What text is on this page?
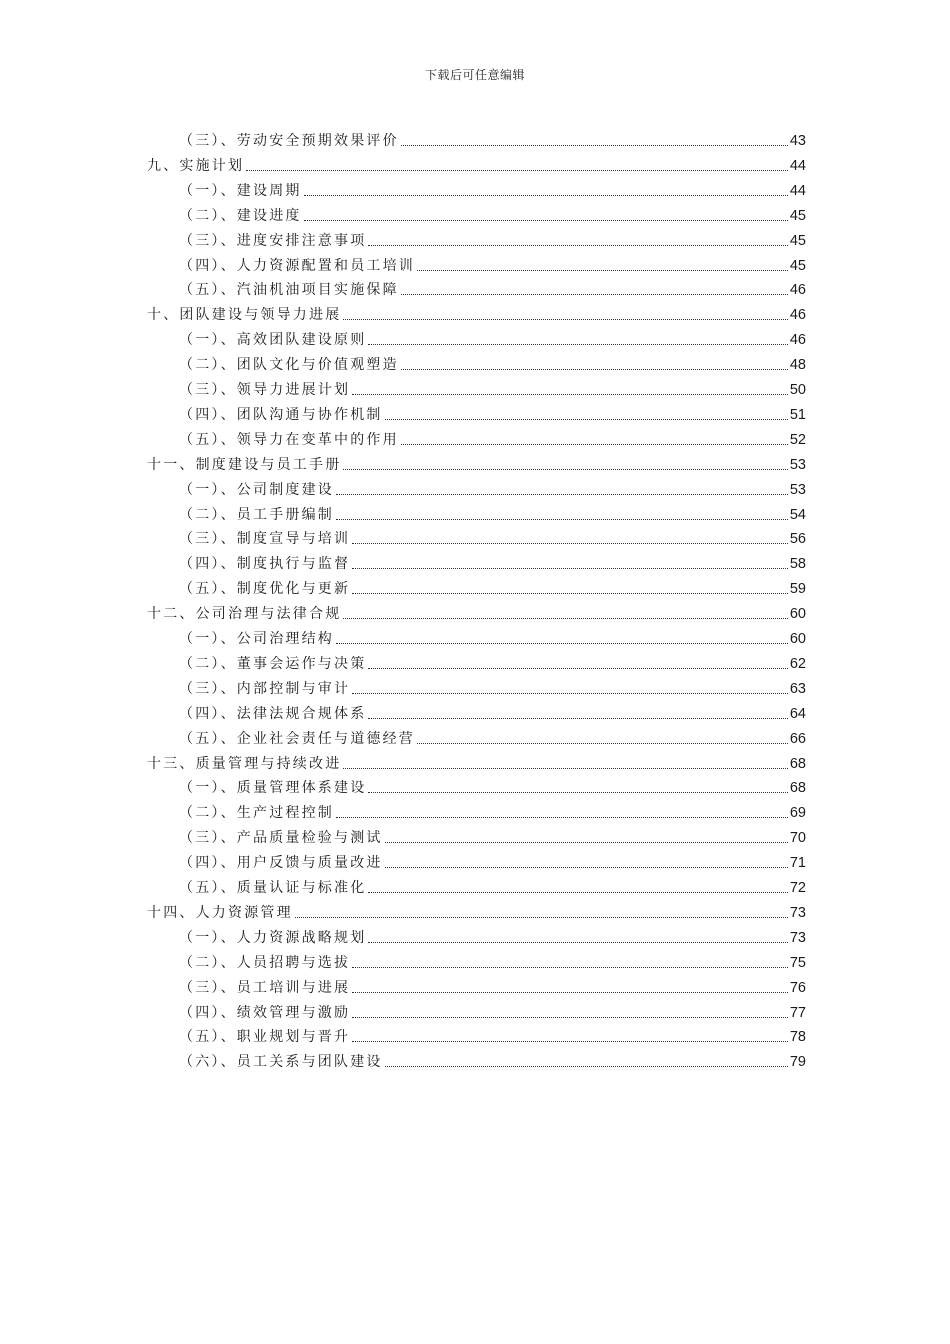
下载后可任意编辑
（三）、劳动安全预期效果评价	43
九、实施计划	44
（一）、建设周期	44
（二）、建设进度	45
（三）、进度安排注意事项	45
（四）、人力资源配置和员工培训	45
（五）、汽油机油项目实施保障	46
十、团队建设与领导力进展	46
（一）、高效团队建设原则	46
（二）、团队文化与价值观塑造	48
（三）、领导力进展计划	50
（四）、团队沟通与协作机制	51
（五）、领导力在变革中的作用	52
十一、制度建设与员工手册	53
（一）、公司制度建设	53
（二）、员工手册编制	54
（三）、制度宣导与培训	56
（四）、制度执行与监督	58
（五）、制度优化与更新	59
十二、公司治理与法律合规	60
（一）、公司治理结构	60
（二）、董事会运作与决策	62
（三）、内部控制与审计	63
（四）、法律法规合规体系	64
（五）、企业社会责任与道德经营	66
十三、质量管理与持续改进	68
（一）、质量管理体系建设	68
（二）、生产过程控制	69
（三）、产品质量检验与测试	70
（四）、用户反馈与质量改进	71
（五）、质量认证与标准化	72
十四、人力资源管理	73
（一）、人力资源战略规划	73
（二）、人员招聘与选拔	75
（三）、员工培训与进展	76
（四）、绩效管理与激励	77
（五）、职业规划与晋升	78
（六）、员工关系与团队建设	79
